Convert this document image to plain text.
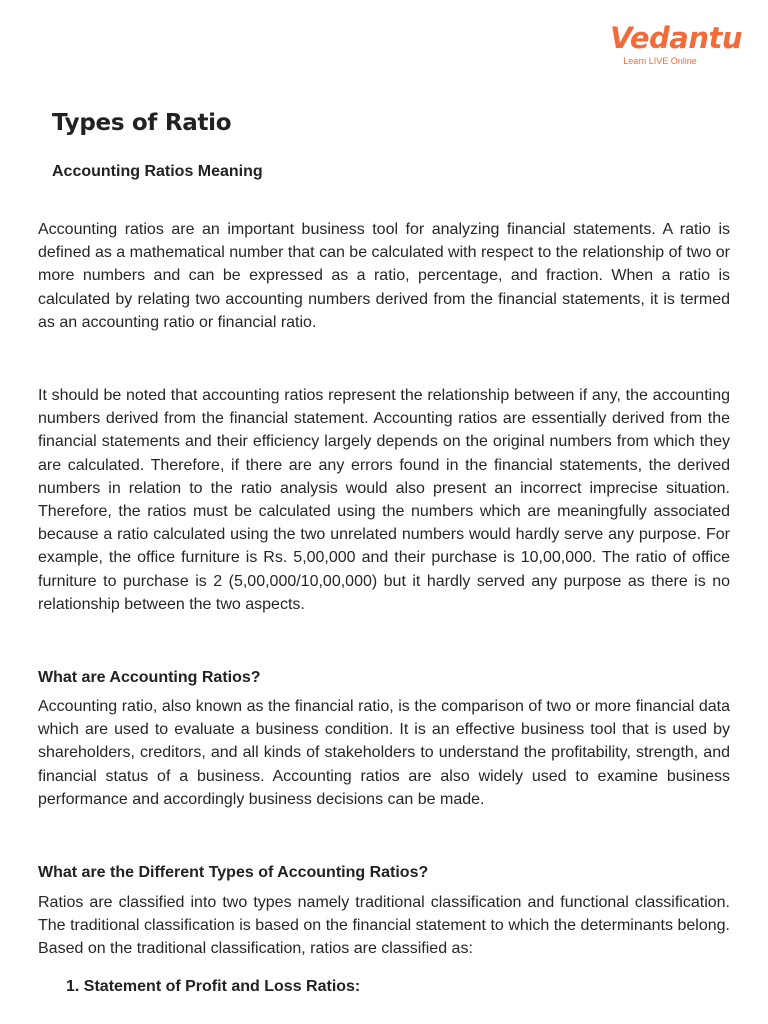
Vedantu
Learn LIVE Online
Types of Ratio
Accounting Ratios Meaning

Accounting ratios are an important business tool for analyzing financial statements. A ratio is defined as a mathematical number that can be calculated with respect to the relationship of two or more numbers and can be expressed as a ratio, percentage, and fraction. When a ratio is calculated by relating two accounting numbers derived from the financial statements, it is termed as an accounting ratio or financial ratio.

It should be noted that accounting ratios represent the relationship between if any, the accounting numbers derived from the financial statement. Accounting ratios are essentially derived from the financial statements and their efficiency largely depends on the original numbers from which they are calculated. Therefore, if there are any errors found in the financial statements, the derived numbers in relation to the ratio analysis would also present an incorrect imprecise situation. Therefore, the ratios must be calculated using the numbers which are meaningfully associated because a ratio calculated using the two unrelated numbers would hardly serve any purpose. For example, the office furniture is Rs. 5,00,000 and their purchase is 10,00,000. The ratio of office furniture to purchase is 2 (5,00,000/10,00,000) but it hardly served any purpose as there is no relationship between the two aspects.

What are Accounting Ratios?

Accounting ratio, also known as the financial ratio, is the comparison of two or more financial data which are used to evaluate a business condition. It is an effective business tool that is used by shareholders, creditors, and all kinds of stakeholders to understand the profitability, strength, and financial status of a business. Accounting ratios are also widely used to examine business performance and accordingly business decisions can be made.

What are the Different Types of Accounting Ratios?

Ratios are classified into two types namely traditional classification and functional classification. The traditional classification is based on the financial statement to which the determinants belong. Based on the traditional classification, ratios are classified as:

1. Statement of Profit and Loss Ratios:
